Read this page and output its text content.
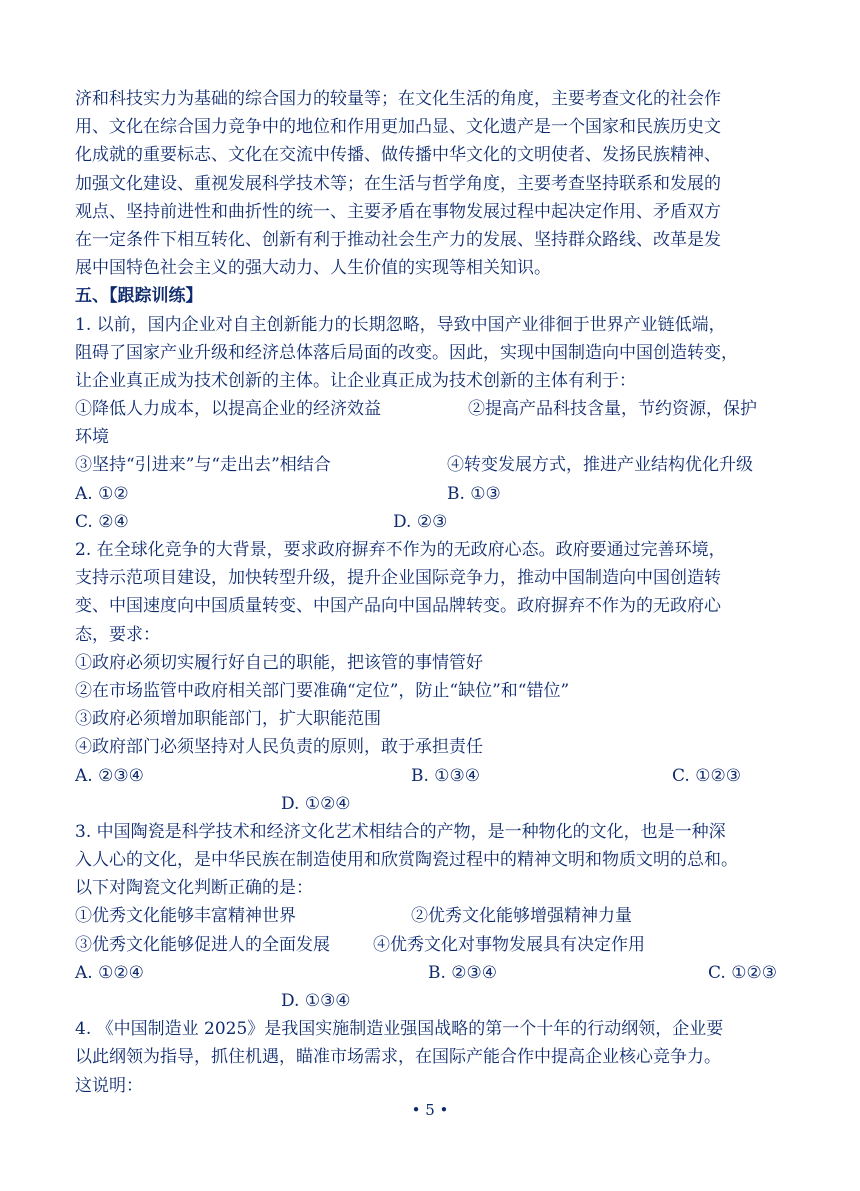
济和科技实力为基础的综合国力的较量等；在文化生活的角度，主要考查文化的社会作
用、文化在综合国力竞争中的地位和作用更加凸显、文化遗产是一个国家和民族历史文
化成就的重要标志、文化在交流中传播、做传播中华文化的文明使者、发扬民族精神、
加强文化建设、重视发展科学技术等；在生活与哲学角度，主要考查坚持联系和发展的
观点、坚持前进性和曲折性的统一、主要矛盾在事物发展过程中起决定作用、矛盾双方
在一定条件下相互转化、创新有利于推动社会生产力的发展、坚持群众路线、改革是发
展中国特色社会主义的强大动力、人生价值的实现等相关知识。
五、【跟踪训练】
1. 以前，国内企业对自主创新能力的长期忽略，导致中国产业徘徊于世界产业链低端，
阻碍了国家产业升级和经济总体落后局面的改变。因此，实现中国制造向中国创造转变，
让企业真正成为技术创新的主体。让企业真正成为技术创新的主体有利于：
①降低人力成本，以提高企业的经济效益	②提高产品科技含量，节约资源，保护
环境
③坚持“引进来”与“走出去”相结合	④转变发展方式，推进产业结构优化升级
A. ①②	B. ①③
C. ②④	D. ②③
2. 在全球化竞争的大背景，要求政府摒弃不作为的无政府心态。政府要通过完善环境，
支持示范项目建设，加快转型升级，提升企业国际竞争力，推动中国制造向中国创造转
变、中国速度向中国质量转变、中国产品向中国品牌转变。政府摒弃不作为的无政府心
态，要求：
①政府必须切实履行好自己的职能，把该管的事情管好
②在市场监管中政府相关部门要准确“定位”，防止“缺位”和“错位”
③政府必须增加职能部门，扩大职能范围
④政府部门必须坚持对人民负责的原则，敢于承担责任
A. ②③④	B. ①③④	C. ①②③
D. ①②④
3. 中国陶瓷是科学技术和经济文化艺术相结合的产物，是一种物化的文化，也是一种深
入人心的文化，是中华民族在制造使用和欣赏陶瓷过程中的精神文明和物质文明的总和。
以下对陶瓷文化判断正确的是：
①优秀文化能够丰富精神世界	②优秀文化能够增强精神力量
③优秀文化能够促进人的全面发展	④优秀文化对事物发展具有决定作用
A. ①②④	B. ②③④	C. ①②③
D. ①③④
4. 《中国制造业 2025》是我国实施制造业强国战略的第一个十年的行动纲领，企业要
以此纲领为指导，抓住机遇，瞄准市场需求，在国际产能合作中提高企业核心竞争力。
这说明：
• 5 •
